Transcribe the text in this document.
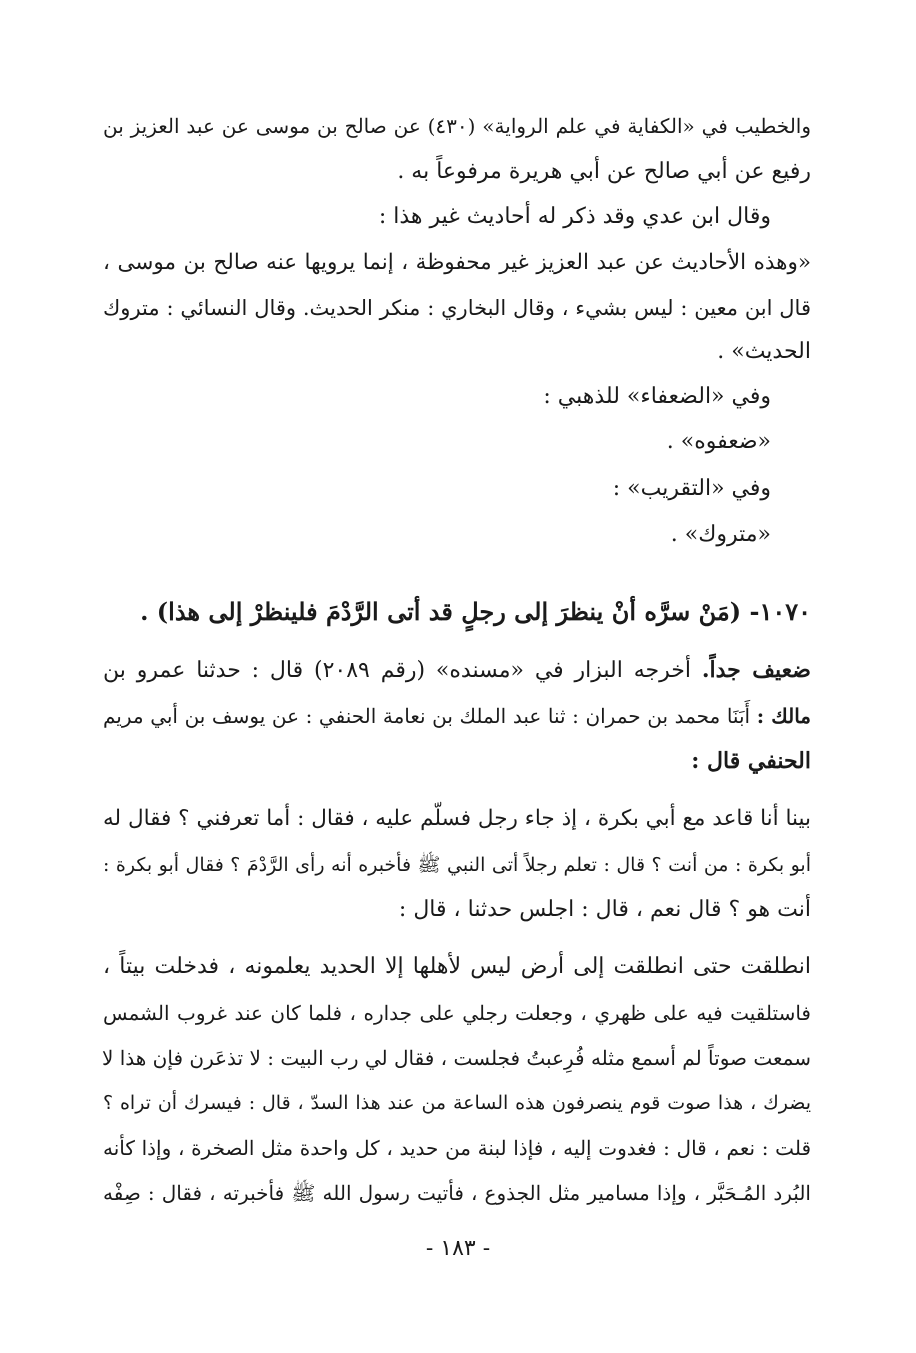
والخطيب في «الكفاية في علم الرواية» (٤٣٠) عن صالح بن موسى عن عبد العزيز بن
رفيع عن أبي صالح عن أبي هريرة مرفوعاً به .
وقال ابن عدي وقد ذكر له أحاديث غير هذا :
«وهذه الأحاديث عن عبد العزيز غير محفوظة ، إنما يرويها عنه صالح بن موسى ،
قال ابن معين : ليس بشيء ، وقال البخاري : منكر الحديث. وقال النسائي : متروك
الحديث» .
وفي «الضعفاء» للذهبي :
«ضعفوه» .
وفي «التقريب» :
«متروك» .
١٠٧٠- (مَنْ سرَّه أنْ ينظرَ إلى رجلٍ قد أتى الرَّدْمَ فلينظرْ إلى هذا) .
ضعيف جداً. أخرجه البزار في «مسنده» (رقم ٢٠٨٩) قال : حدثنا عمرو بن
مالك : أَبَنَا محمد بن حمران : ثنا عبد الملك بن نعامة الحنفي : عن يوسف بن أبي مريم
الحنفي قال :
بينا أنا قاعد مع أبي بكرة ، إذ جاء رجل فسلّم عليه ، فقال : أما تعرفني ؟ فقال له
أبو بكرة : من أنت ؟ قال : تعلم رجلاً أتى النبي ﷺ فأخبره أنه رأى الرَّدْمَ ؟ فقال أبو بكرة :
أنت هو ؟ قال نعم ، قال : اجلس حدثنا ، قال :
انطلقت حتى انطلقت إلى أرض ليس لأهلها إلا الحديد يعلمونه ، فدخلت بيتاً ،
فاستلقيت فيه على ظهري ، وجعلت رجلي على جداره ، فلما كان عند غروب الشمس
سمعت صوتاً لم أسمع مثله فُرِعبتُ فجلست ، فقال لي رب البيت : لا تذعَرن فإن هذا لا
يضرك ، هذا صوت قوم ينصرفون هذه الساعة من عند هذا السدّ ، قال : فيسرك أن تراه ؟
قلت : نعم ، قال : فغدوت إليه ، فإذا لبنة من حديد ، كل واحدة مثل الصخرة ، وإذا كأنه
البُرد المُـحَبَّر ، وإذا مسامير مثل الجذوع ، فأتيت رسول الله ﷺ فأخبرته ، فقال : صِفْه
- ١٨٣ -
